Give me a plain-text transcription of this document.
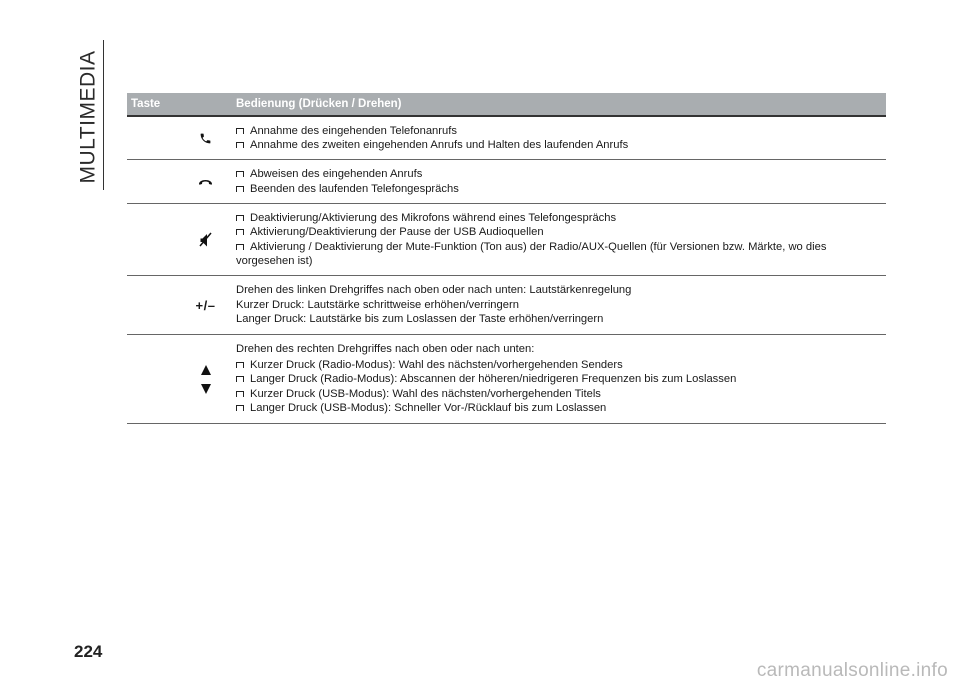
MULTIMEDIA	Taste	Bedienung (Drücken / Drehen)
Annahme des eingehenden Telefonanrufs
Annahme des zweiten eingehenden Anrufs und Halten des laufenden Anrufs
Abweisen des eingehenden Anrufs
Beenden des laufenden Telefongesprächs
Deaktivierung/Aktivierung des Mikrofons während eines Telefongesprächs
Aktivierung/Deaktivierung der Pause der USB Audioquellen
Aktivierung / Deaktivierung der Mute-Funktion (Ton aus) der Radio/AUX-Quellen (für Versionen bzw. Märkte, wo dies vorgesehen ist)
+/–
Drehen des linken Drehgriffes nach oben oder nach unten: Lautstärkenregelung
Kurzer Druck: Lautstärke schrittweise erhöhen/verringern
Langer Druck: Lautstärke bis zum Loslassen der Taste erhöhen/verringern
Drehen des rechten Drehgriffes nach oben oder nach unten:
Kurzer Druck (Radio-Modus): Wahl des nächsten/vorhergehenden Senders
Langer Druck (Radio-Modus): Abscannen der höheren/niedrigeren Frequenzen bis zum Loslassen
Kurzer Druck (USB-Modus): Wahl des nächsten/vorhergehenden Titels
Langer Druck (USB-Modus): Schneller Vor-/Rücklauf bis zum Loslassen
224
carmanualsonline.info
